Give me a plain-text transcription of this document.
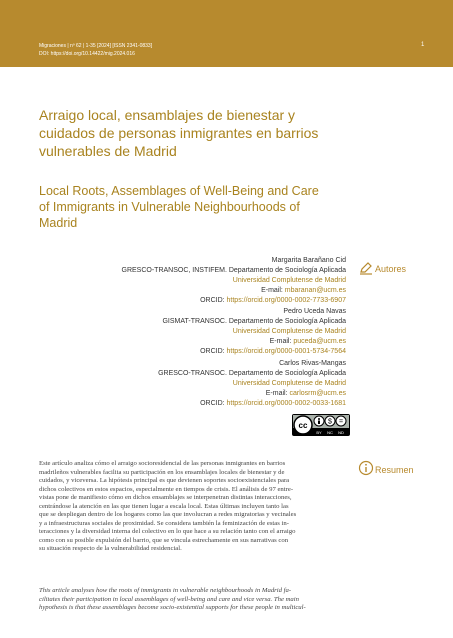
Migraciones | nº 62 | 1-35 [2024] [ISSN 2341-0833]
DOI: https://doi.org/10.14422/mig.2024.016
1
Arraigo local, ensamblajes de bienestar y
cuidados de personas inmigrantes en barrios
vulnerables de Madrid
Local Roots, Assemblages of Well-Being and Care
of Immigrants in Vulnerable Neighbourhoods of
Madrid
Autores
Margarita Barañano Cid
GRESCO-TRANSOC, INSTIFEM. Departamento de Sociología Aplicada
Universidad Complutense de Madrid
E-mail: mbaranan@ucm.es
ORCID: https://orcid.org/0000-0002-7733-6907
Pedro Uceda Navas
GISMAT-TRANSOC. Departamento de Sociología Aplicada
Universidad Complutense de Madrid
E-mail: puceda@ucm.es
ORCID: https://orcid.org/0000-0001-5734-7564
Carlos Rivas-Mangas
GRESCO-TRANSOC. Departamento de Sociología Aplicada
Universidad Complutense de Madrid
E-mail: carlosrm@ucm.es
ORCID: https://orcid.org/0000-0002-0033-1681
cc	$ =
BY NC ND
Resumen
Este artículo analiza cómo el arraigo socioresidencial de las personas inmigrantes en barrios
madrileños vulnerables facilita su participación en los ensamblajes locales de bienestar y de
cuidados, y viceversa. La hipótesis principal es que devienen soportes socioexistenciales para
dichos colectivos en estos espacios, especialmente en tiempos de crisis. El análisis de 97 entre-
vistas pone de manifiesto cómo en dichos ensamblajes se interpenetran distintas interacciones,
centrándose la atención en las que tienen lugar a escala local. Estas últimas incluyen tanto las
que se despliegan dentro de los hogares como las que involucran a redes migratorias y vecinales
y a infraestructuras sociales de proximidad. Se considera también la feminización de estas in-
teracciones y la diversidad interna del colectivo en lo que hace a su relación tanto con el arraigo
como con su posible expulsión del barrio, que se vincula estrechamente en sus narrativas con
su situación respecto de la vulnerabilidad residencial.
This article analyses how the roots of immigrants in vulnerable neighbourhoods in Madrid fa-
cilitates their participation in local assemblages of well-being and care and vice versa. The main
hypothesis is that these assemblages become socio-existential supports for these people in multicul-
